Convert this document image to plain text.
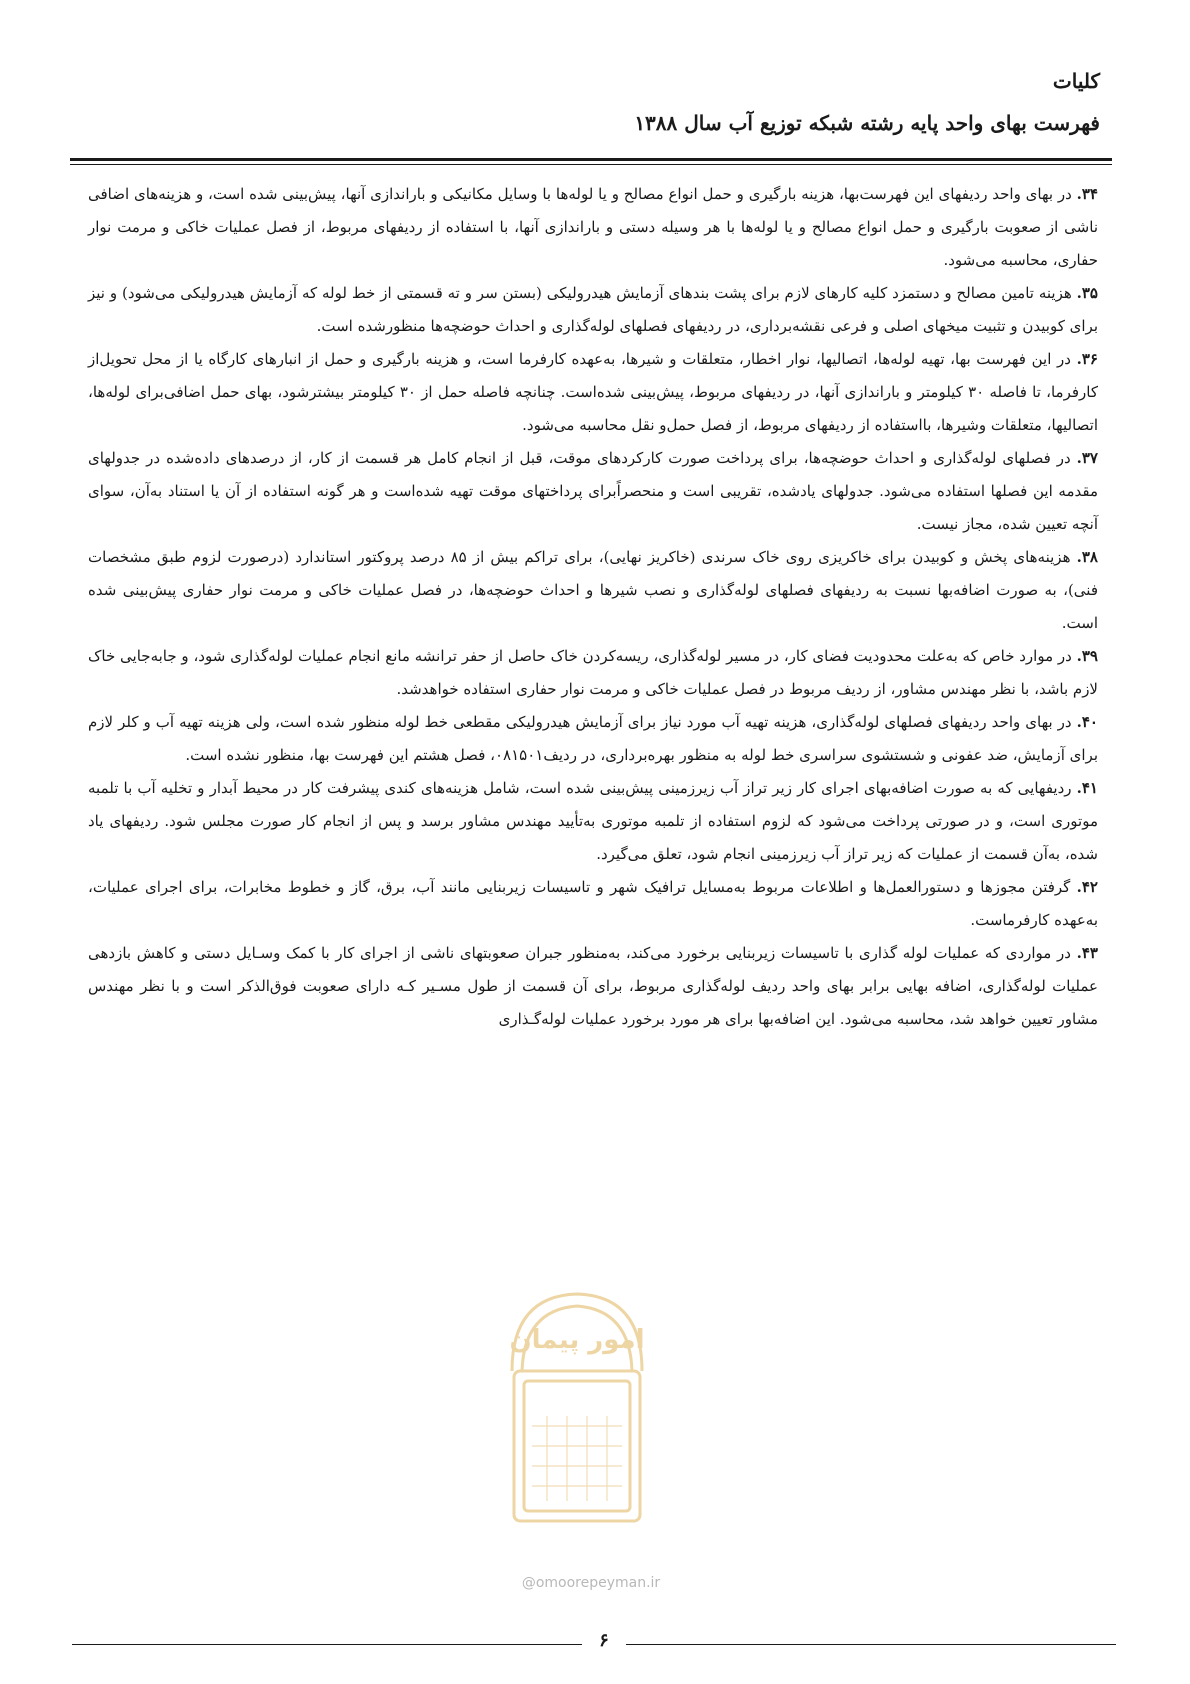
کلیات
فهرست بهای واحد پایه رشته شبکه توزیع آب سال ۱۳۸۸

۳۴. در بهای واحد ردیفهای این فهرست‌بها، هزینه بارگیری و حمل انواع مصالح و یا لوله‌ها با وسایل مکانیکی و باراندازی آنها، پیش‌بینی شده است، و هزینه‌های اضافی ناشی از صعوبت بارگیری و حمل انواع مصالح و یا لوله‌ها با هر وسیله دستی و باراندازی آنها، با استفاده از ردیفهای مربوط، از فصل عملیات خاکی و مرمت نوار حفاری، محاسبه می‌شود.

۳۵. هزینه تامین مصالح و دستمزد کلیه کارهای لازم برای پشت بندهای آزمایش هیدرولیکی (بستن سر و ته قسمتی از خط لوله که آزمایش هیدرولیکی می‌شود) و نیز برای کوبیدن و تثبیت میخهای اصلی و فرعی نقشه‌برداری، در ردیفهای فصلهای لوله‌گذاری و احداث حوضچه‌ها منظورشده است.

۳۶. در این فهرست بها، تهیه لوله‌ها، اتصالیها، نوار اخطار، متعلقات و شیرها، به‌عهده کارفرما است، و هزینه بارگیری و حمل از انبارهای کارگاه یا از محل تحویل‌از کارفرما، تا فاصله ۳۰ کیلومتر و باراندازی آنها، در ردیفهای مربوط، پیش‌بینی شده‌است. چنانچه فاصله حمل از ۳۰ کیلومتر بیشترشود، بهای حمل اضافی‌برای لوله‌ها، اتصالیها، متعلقات وشیرها، بااستفاده از ردیفهای مربوط، از فصل حمل‌و نقل محاسبه می‌شود.

۳۷. در فصلهای لوله‌گذاری و احداث حوضچه‌ها، برای پرداخت صورت کارکردهای موقت، قبل از انجام کامل هر قسمت از کار، از درصدهای داده‌شده در جدولهای مقدمه این فصلها استفاده می‌شود. جدولهای یادشده، تقریبی است و منحصراًبرای پرداختهای موقت تهیه شده‌است و هر گونه استفاده از آن یا استناد به‌آن، سوای آنچه تعیین شده، مجاز نیست.

۳۸. هزینه‌های پخش و کوبیدن برای خاکریزی روی خاک سرندی (خاکریز نهایی)، برای تراکم بیش از ۸۵ درصد پروکتور استاندارد (درصورت لزوم طبق مشخصات فنی)، به صورت اضافه‌بها نسبت به ردیفهای فصلهای لوله‌گذاری و نصب شیرها و احداث حوضچه‌ها، در فصل عملیات خاکی و مرمت نوار حفاری پیش‌بینی شده است.

۳۹. در موارد خاص که به‌علت محدودیت فضای کار، در مسیر لوله‌گذاری، ریسه‌کردن خاک حاصل از حفر ترانشه مانع انجام عملیات لوله‌گذاری شود، و جابه‌جایی خاک لازم باشد، با نظر مهندس مشاور، از ردیف مربوط در فصل عملیات خاکی و مرمت نوار حفاری استفاده خواهدشد.

۴۰. در بهای واحد ردیفهای فصلهای لوله‌گذاری، هزینه تهیه آب مورد نیاز برای آزمایش هیدرولیکی مقطعی خط لوله منظور شده است، ولی هزینه تهیه آب و کلر لازم برای آزمایش، ضد عفونی و شستشوی سراسری خط لوله به منظور بهره‌برداری، در ردیف۰۸۱۵۰۱، فصل هشتم این فهرست بها، منظور نشده است.

۴۱. ردیفهایی که به صورت اضافه‌بهای اجرای کار زیر تراز آب زیرزمینی پیش‌بینی شده است، شامل هزینه‌های کندی پیشرفت کار در محیط آبدار و تخلیه آب با تلمبه موتوری است، و در صورتی پرداخت می‌شود که لزوم استفاده از تلمبه موتوری به‌تأیید مهندس مشاور برسد و پس از انجام کار صورت مجلس شود. ردیفهای یاد شده، به‌آن قسمت از عملیات که زیر تراز آب زیرزمینی انجام شود، تعلق می‌گیرد.

۴۲. گرفتن مجوزها و دستورالعمل‌ها و اطلاعات مربوط به‌مسایل ترافیک شهر و تاسیسات زیربنایی مانند آب، برق، گاز و خطوط مخابرات، برای اجرای عملیات، به‌عهده کارفرماست.

۴۳. در مواردی که عملیات لوله گذاری با تاسیسات زیربنایی برخورد می‌کند، به‌منظور جبران صعوبتهای ناشی از اجرای کار با کمک وسـایل دستی و کاهش بازدهی عملیات لوله‌گذاری، اضافه بهایی برابر بهای واحد ردیف لوله‌گذاری مربوط، برای آن قسمت از طول مسـیر کـه دارای صعوبت فوق‌الذکر است و با نظر مهندس مشاور تعیین خواهد شد، محاسبه می‌شود. این اضافه‌بها برای هر مورد برخورد عملیات لوله‌گـذاری

امور پیمان
@omoorepeyman.ir
۶
